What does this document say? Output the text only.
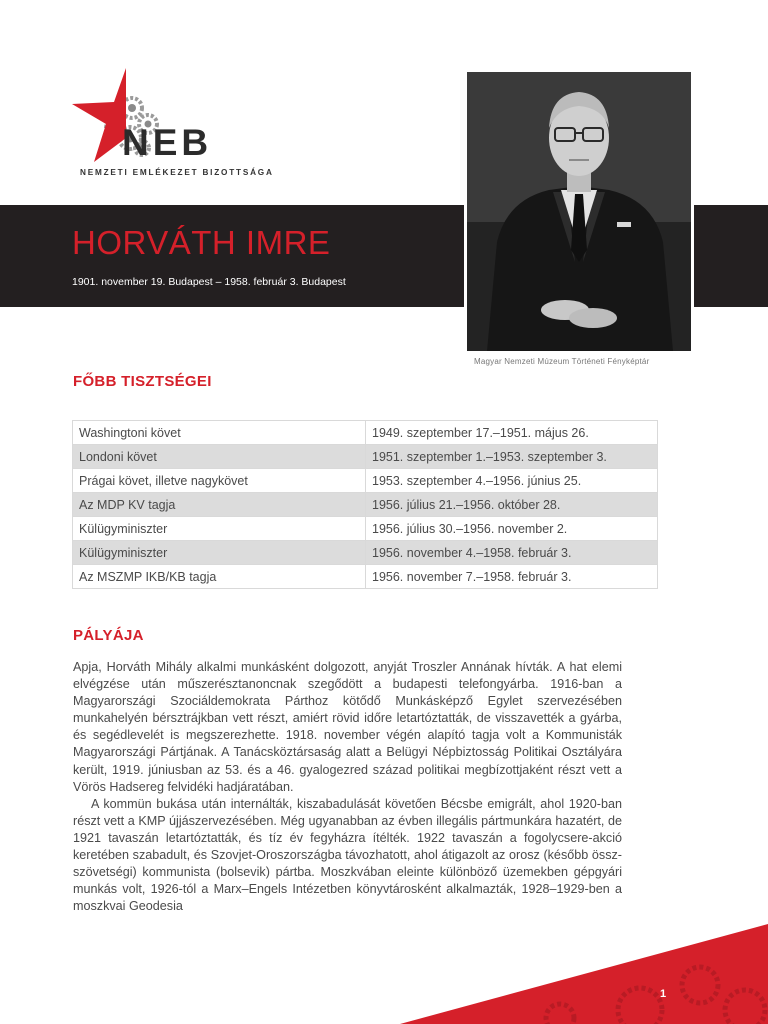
NEB
NEMZETI EMLÉKEZET BIZOTTSÁGA
HORVÁTH IMRE
1901. november 19. Budapest – 1958. február 3. Budapest
Magyar Nemzeti Múzeum Történeti Fényképtár
FŐBB TISZTSÉGEI
Washingtoni követ	1949. szeptember 17.–1951. május 26.
Londoni követ	1951. szeptember 1.–1953. szeptember 3.
Prágai követ, illetve nagykövet	1953. szeptember 4.–1956. június 25.
Az MDP KV tagja	1956. július 21.–1956. október 28.
Külügyminiszter	1956. július 30.–1956. november 2.
Külügyminiszter	1956. november 4.–1958. február 3.
Az MSZMP IKB/KB tagja	1956. november 7.–1958. február 3.
PÁLYÁJA

Apja, Horváth Mihály alkalmi munkásként dolgozott, anyját Troszler Annának hívták. A hat elemi elvégzése után műszerésztanoncnak szegődött a budapesti telefongyárba. 1916-ban a Magyarországi Szociáldemokrata Párthoz kötődő Munkásképző Egylet szervezésében munkahelyén bérsztrájkban vett részt, amiért rövid időre letartóztatták, de visszavették a gyárba, és segédlevelét is megszerezhette. 1918. november végén alapító tagja volt a Kommunisták Magyarországi Pártjának. A Tanácsköztársaság alatt a Belügyi Népbiztosság Politikai Osztályára került, 1919. júniusban az 53. és a 46. gyalogezred század politikai megbízottjaként részt vett a Vörös Hadsereg felvidéki hadjáratában.

A kommün bukása után internálták, kiszabadulását követően Bécsbe emigrált, ahol 1920-ban részt vett a KMP újjászervezésében. Még ugyanabban az évben illegális pártmunkára hazatért, de 1921 tavaszán letartóztatták, és tíz év fegyházra ítélték. 1922 tavaszán a fogolycsere-akció keretében szabadult, és Szovjet-Oroszországba távozhatott, ahol átigazolt az orosz (később össz-szövetségi) kommunista (bolsevik) pártba. Moszkvában eleinte különböző üzemekben gépgyári munkás volt, 1926-tól a Marx–Engels Intézetben könyvtárosként alkalmazták, 1928–1929-ben a moszkvai Geodesia

1
